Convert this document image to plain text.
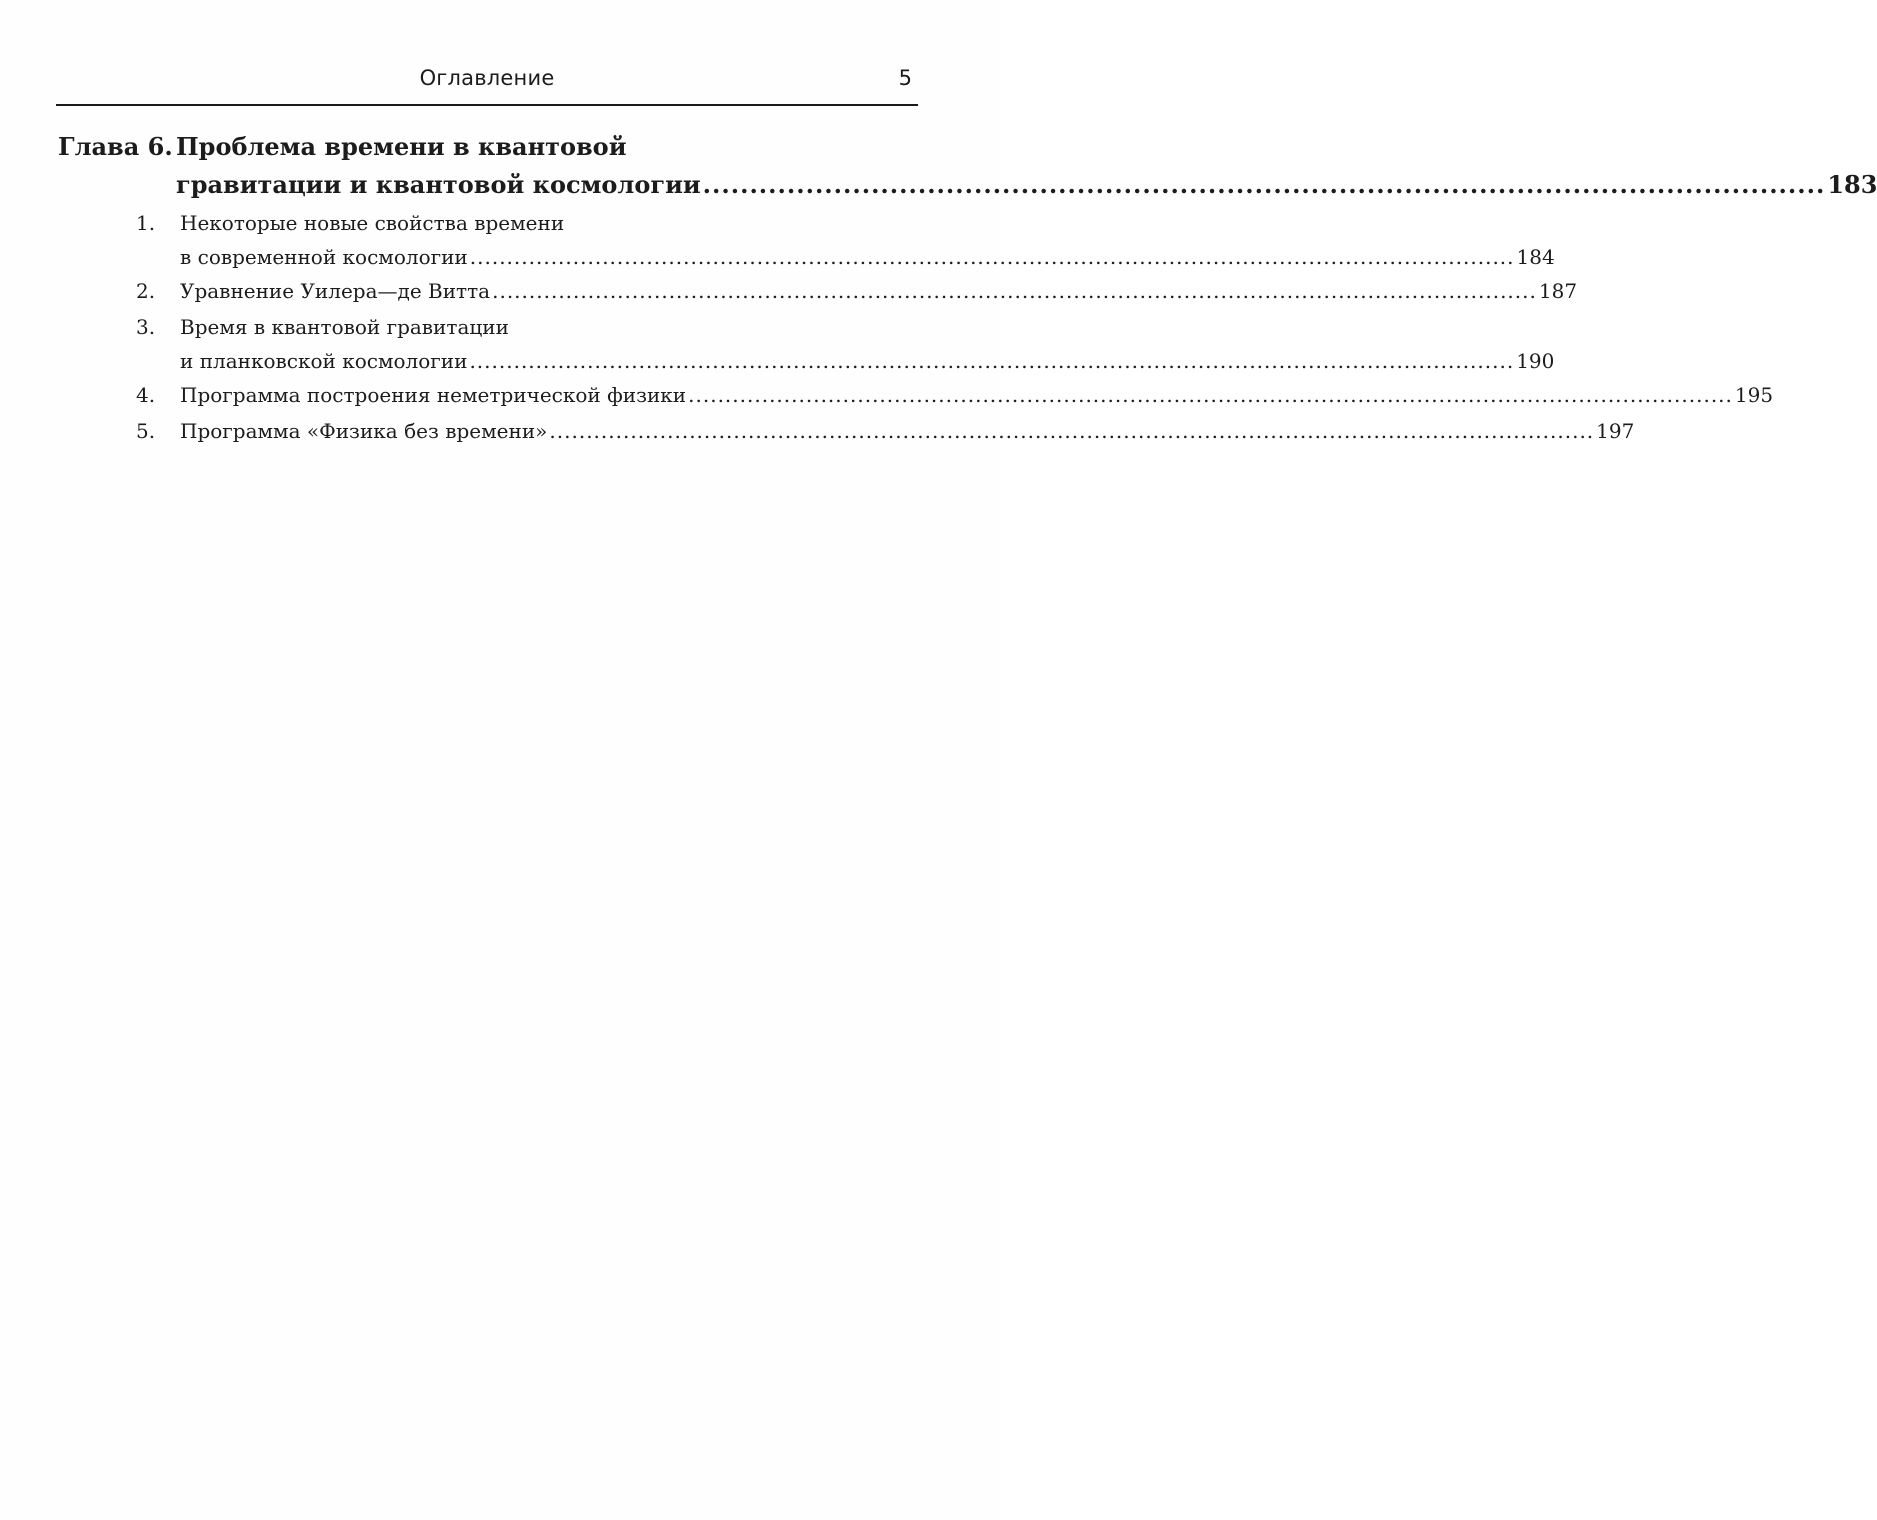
Оглавление	5
Глава 6. Проблема времени в квантовой
гравитации и квантовой космологии ........................................................................................................................ 183
1.	Некоторые новые свойства времени
в современной космологии .............................................................................................................................................. 184
2.	Уравнение Уилера—де Витта .............................................................................................................................................. 187
3.	Время в квантовой гравитации
и планковской космологии .............................................................................................................................................. 190
4.	Программа построения неметрической физики .............................................................................................................................................. 195
5.	Программа «Физика без времени» .............................................................................................................................................. 197
